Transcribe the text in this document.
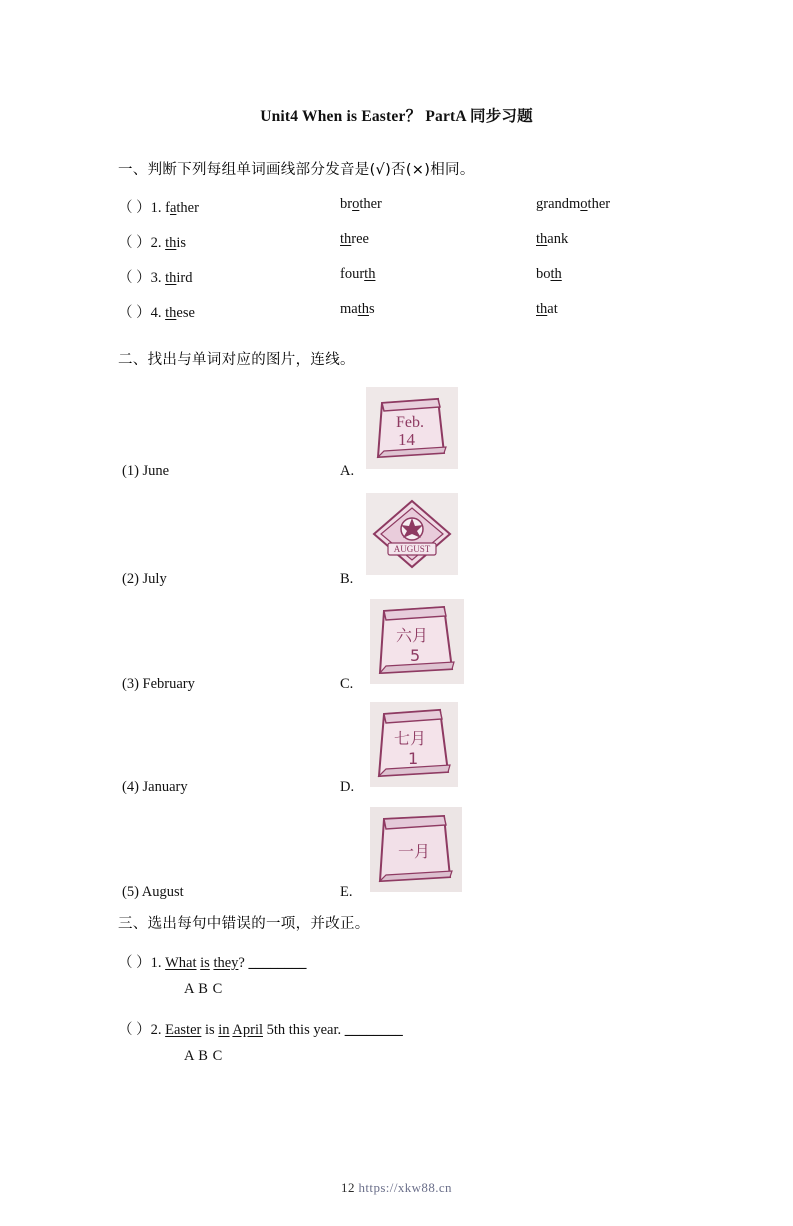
Unit4 When is Easter？ PartA 同步习题
一、判断下列每组单词画线部分发音是(√)否(×)相同。
（ ）1. father	brother	grandmother
（ ）2. this	three	thank
（ ）3. third	fourth	both
（ ）4. these	maths	that
二、找出与单词对应的图片，连线。
(1) June	A.
Feb.
14
(2) July	B.
AUGUST
(3) February	C.
六月
5
(4) January	D.
七月
1
(5) August	E.
一月
三、选出每句中错误的一项，并改正。
（ ）1. What is they? ________
A B C
（ ）2. Easter is in April 5th this year. ________
A B C
12 https://xkw88.cn
